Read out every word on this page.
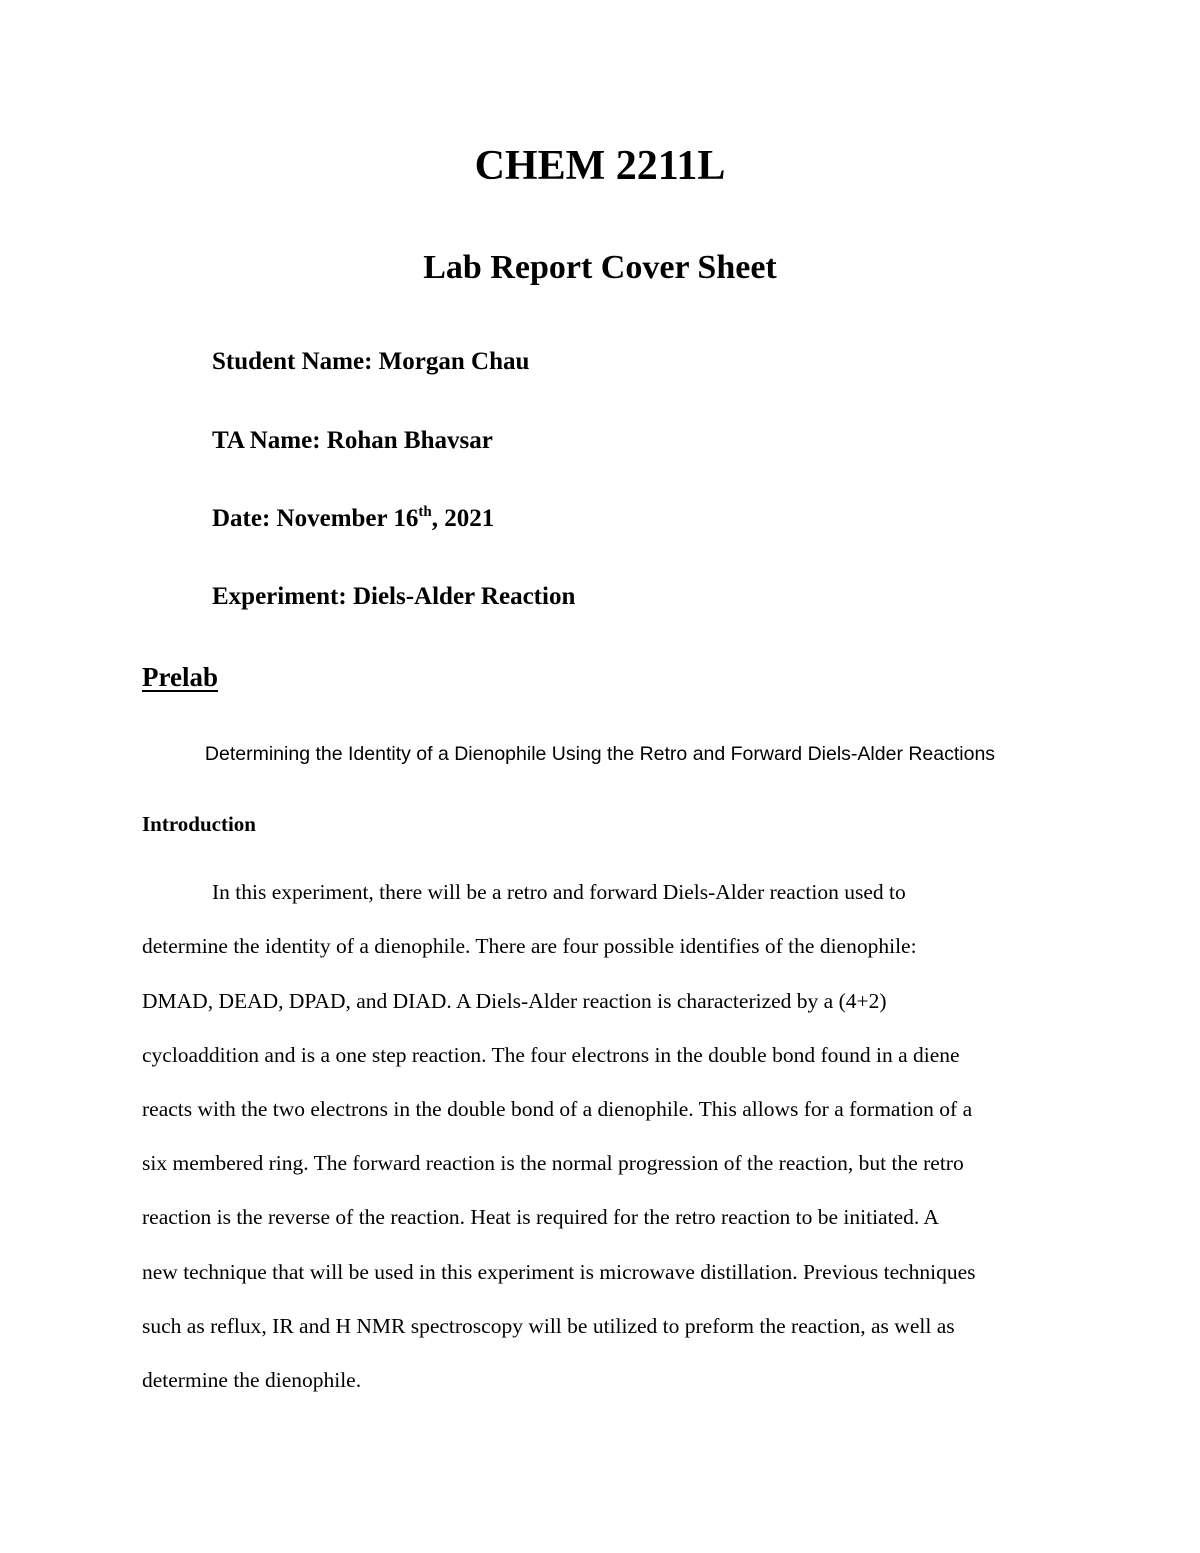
CHEM 2211L
Lab Report Cover Sheet
Student Name: Morgan Chau
TA Name: Rohan Bhavsar
Date: November 16th, 2021
Experiment: Diels-Alder Reaction
Prelab
Determining the Identity of a Dienophile Using the Retro and Forward Diels-Alder Reactions
Introduction
In this experiment, there will be a retro and forward Diels-Alder reaction used to
determine the identity of a dienophile. There are four possible identifies of the dienophile:
DMAD, DEAD, DPAD, and DIAD. A Diels-Alder reaction is characterized by a (4+2)
cycloaddition and is a one step reaction. The four electrons in the double bond found in a diene
reacts with the two electrons in the double bond of a dienophile. This allows for a formation of a
six membered ring. The forward reaction is the normal progression of the reaction, but the retro
reaction is the reverse of the reaction. Heat is required for the retro reaction to be initiated. A
new technique that will be used in this experiment is microwave distillation. Previous techniques
such as reflux, IR and H NMR spectroscopy will be utilized to preform the reaction, as well as
determine the dienophile.
